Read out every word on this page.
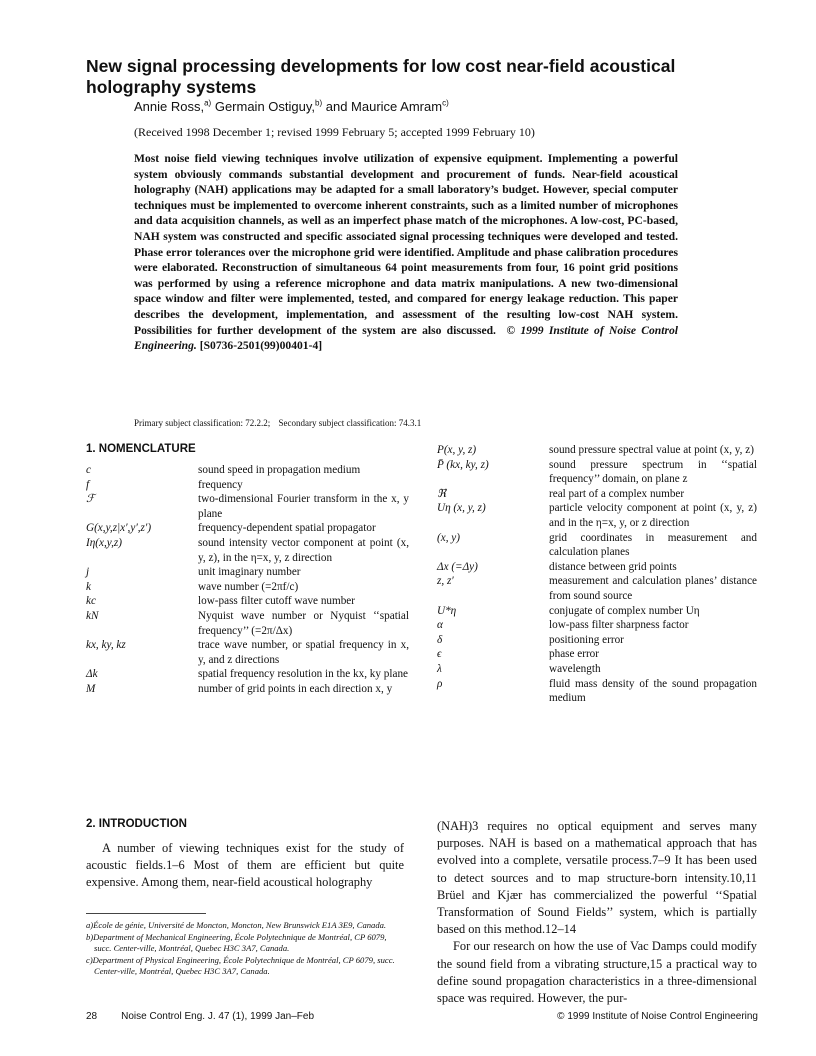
New signal processing developments for low cost near-field acoustical holography systems
Annie Ross,$^{a)}$ Germain Ostiguy,$^{b)}$ and Maurice Amram$^{c)}$
(Received 1998 December 1; revised 1999 February 5; accepted 1999 February 10)

Most noise field viewing techniques involve utilization of expensive equipment. Implementing a powerful system obviously commands substantial development and procurement of funds. Near-field acoustical holography (NAH) applications may be adapted for a small laboratory’s budget. However, special computer techniques must be implemented to overcome inherent constraints, such as a limited number of microphones and data acquisition channels, as well as an imperfect phase match of the microphones. A low-cost, PC-based, NAH system was constructed and specific associated signal processing techniques were developed and tested. Phase error tolerances over the microphone grid were identified. Amplitude and phase calibration procedures were elaborated. Reconstruction of simultaneous 64 point measurements from four, 16 point grid positions was performed by using a reference microphone and data matrix manipulations. A new two-dimensional space window and filter were implemented, tested, and compared for energy leakage reduction. This paper describes the development, implementation, and assessment of the resulting low-cost NAH system. Possibilities for further development of the system are also discussed. © 1999 Institute of Noise Control Engineering. [S0736-2501(99)00401-4]

Primary subject classification: 72.2.2; Secondary subject classification: 74.3.1
1. NOMENCLATURE
c	sound speed in propagation medium
f	frequency
ℱ	two-dimensional Fourier transform in the x, y plane
G(x,y,z|x′,y′,z′)	frequency-dependent spatial propagator
Iη(x,y,z)	sound intensity vector component at point (x, y, z), in the η=x, y, z direction
j	unit imaginary number
k	wave number (=2πf/c)
kc	low-pass filter cutoff wave number
kN	Nyquist wave number or Nyquist ‘‘spatial frequency’’ (=2π/Δx)
kx, ky, kz	trace wave number, or spatial frequency in x, y, and z directions
Δk	spatial frequency resolution in the kx, ky plane
M	number of grid points in each direction x, y
P(x, y, z)	sound pressure spectral value at point (x, y, z)
P̄ (kx, ky, z)	sound pressure spectrum in ‘‘spatial frequency’’ domain, on plane z
ℜ	real part of a complex number
Uη (x, y, z)	particle velocity component at point (x, y, z) and in the η=x, y, or z direction
(x, y)	grid coordinates in measurement and calculation planes
Δx (=Δy)	distance between grid points
z, z′	measurement and calculation planes’ distance from sound source
U*η	conjugate of complex number Uη
α	low-pass filter sharpness factor
δ	positioning error
ϵ	phase error
λ	wavelength
ρ	fluid mass density of the sound propagation medium
2. INTRODUCTION

A number of viewing techniques exist for the study of acoustic fields.1–6 Most of them are efficient but quite expensive. Among them, near-field acoustical holography

(NAH)3 requires no optical equipment and serves many purposes. NAH is based on a mathematical approach that has evolved into a complete, versatile process.7–9 It has been used to detect sources and to map structure-born intensity.10,11 Brüel and Kjær has commercialized the powerful ‘‘Spatial Transformation of Sound Fields’’ system, which is partially based on this method.12–14

For our research on how the use of Vac Damps could modify the sound field from a vibrating structure,15 a practical way to define sound propagation characteristics in a three-dimensional space was required. However, the pur-

a)École de génie, Université de Moncton, Moncton, New Brunswick E1A 3E9, Canada.
b)Department of Mechanical Engineering, École Polytechnique de Montréal, CP 6079, succ. Center-ville, Montréal, Quebec H3C 3A7, Canada.
c)Department of Physical Engineering, École Polytechnique de Montréal, CP 6079, succ. Center-ville, Montréal, Quebec H3C 3A7, Canada.
28 Noise Control Eng. J. 47 (1), 1999 Jan–Feb	© 1999 Institute of Noise Control Engineering
